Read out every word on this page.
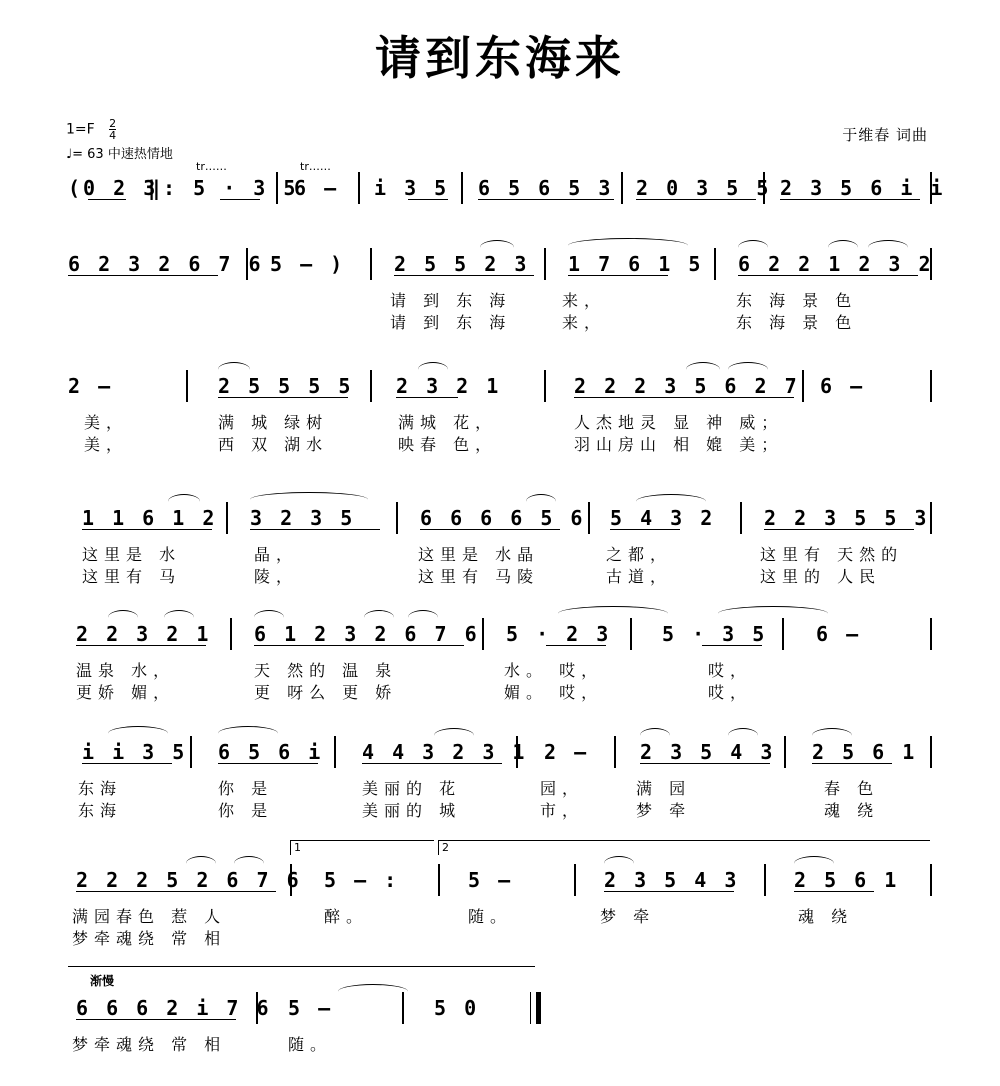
请到东海来
$1=F \frac{2}{4}$
♩= 63 中速热情地
于维春 词曲
tr……	tr……
(0 2 3
‖: 5 · 3 5
6 – i 3 5 6 5 6 5 3 2 0 3 5 5 2 3 5 6 i i
6 2 3 2 6 7 6 5 – ) 2 5 5 2 3 1 7 6 1 5 6 2 2 1 2 3 2
请 到 东 海	来，	东 海 景 色
请 到 东 海	来，	东 海 景 色
2 –	2 5 5 5 5 2 3 2 1	2 2 2 3 5 6 2 7 6 –
美，	满 城 绿树	满城 花，	人杰地灵 显 神 威；
美，	西 双 湖水	映春 色，	羽山房山 相 媲 美；
1 1 6 1 2 3 2 3 5	6 6 6 6 5 6 5 4 3 2 2 2 3 5 5 3
这里是 水	晶，	这里是 水晶	之都，	这里有 天然的
这里有 马	陵，	这里有 马陵	古道，	这里的 人民
2 2 3 2 1 6 1 2 3 2 6 7 6 5 · 2 3	5 · 3 5 6 –
温泉 水，	天 然的 温 泉	水。 哎，	哎，
更娇 媚，	更 呀么 更 娇	媚。 哎，	哎，
i i 3 5 6 5 6 i 4 4 3 2 3 1 2 –	2 3 5 4 3 2 5 6 1
东海	你 是	美丽的 花	园，	满 园	春 色
东海	你 是	美丽的 城	市，	梦 牵	魂 绕
1	2
2 2 2 5 2 6 7 6 5 – :	5 –	2 3 5 4 3	2 5 6 1
满园春色 惹 人	醉。	随。	梦 牵	魂 绕
梦牵魂绕 常 相
渐慢
6 6 6 2 i 7 6 5 –	5 0
梦牵魂绕 常 相	随。
